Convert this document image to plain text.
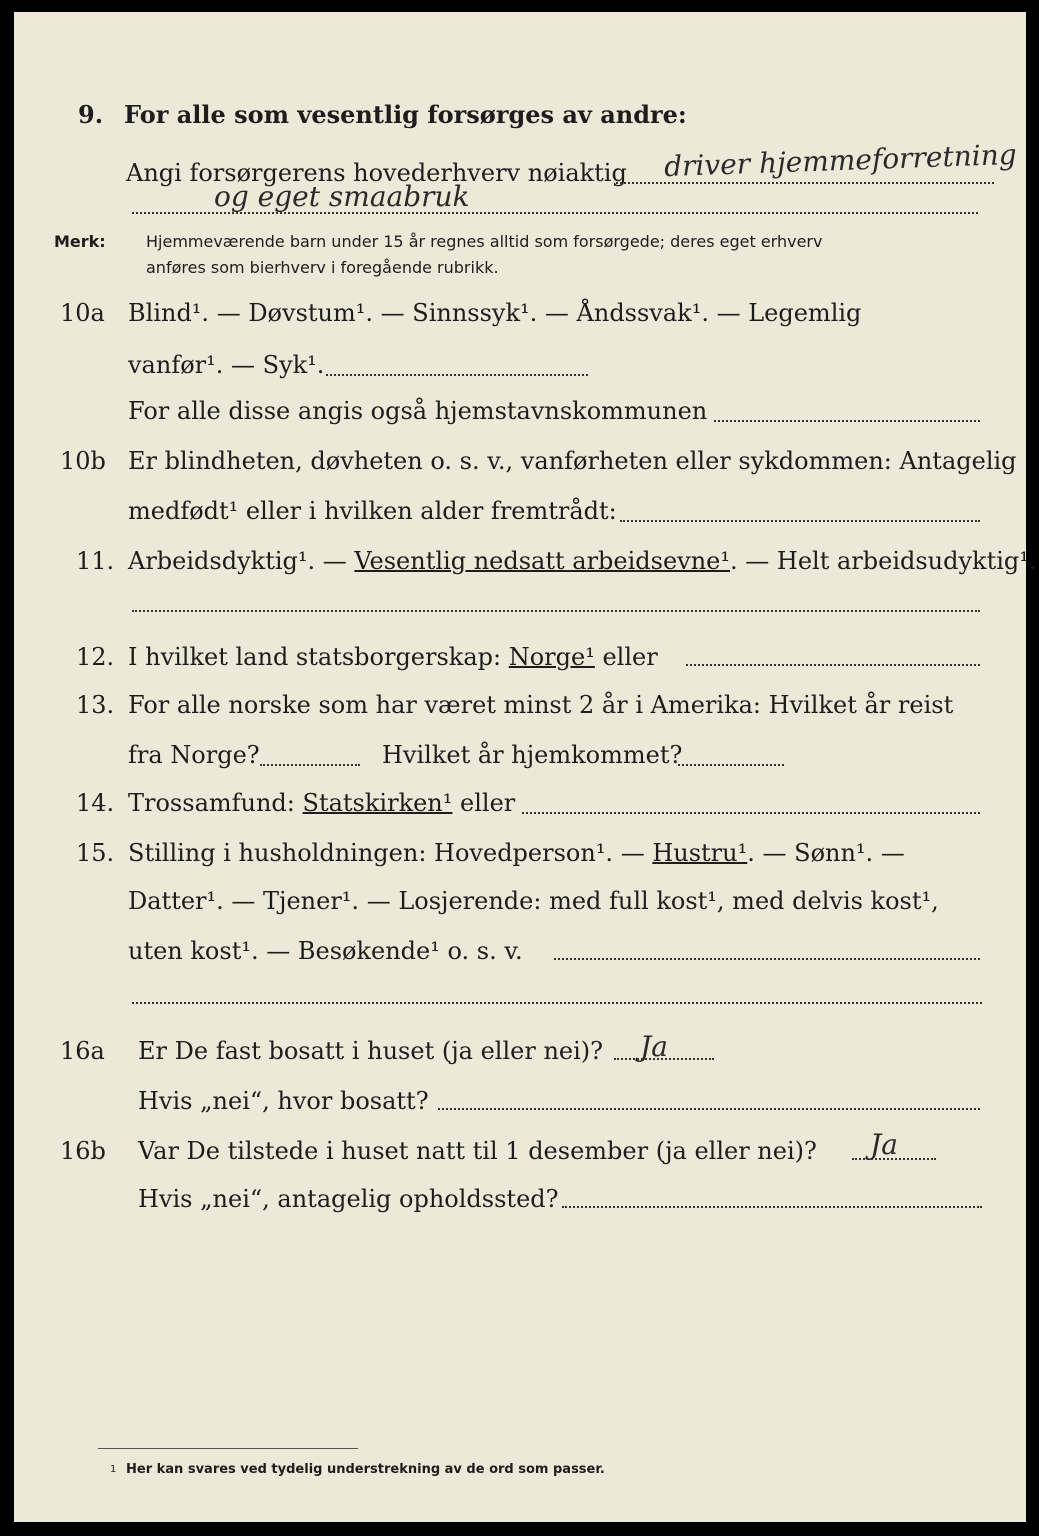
9. For alle som vesentlig forsørges av andre:
Angi forsørgerens hovederhverv nøiaktig driver hjemmeforretning
og eget smaabruk
Merk:	Hjemmeværende barn under 15 år regnes alltid som forsørgede; deres eget erhverv
anføres som bierhverv i foregående rubrikk.
10a Blind¹. — Døvstum¹. — Sinnssyk¹. — Åndssvak¹. — Legemlig
vanfør¹. — Syk¹.
For alle disse angis også hjemstavnskommunen
10b Er blindheten, døvheten o. s. v., vanførheten eller sykdommen: Antagelig
medfødt¹ eller i hvilken alder fremtrådt:
11. Arbeidsdyktig¹. — Vesentlig nedsatt arbeidsevne¹. — Helt arbeidsudyktig¹.
12. I hvilket land statsborgerskap: Norge¹ eller
13. For alle norske som har været minst 2 år i Amerika: Hvilket år reist
fra Norge?	Hvilket år hjemkommet?
14. Trossamfund: Statskirken¹ eller
15. Stilling i husholdningen: Hovedperson¹. — Hustru¹. — Sønn¹. —
Datter¹. — Tjener¹. — Losjerende: med full kost¹, med delvis kost¹,
uten kost¹. — Besøkende¹ o. s. v.
16a Er De fast bosatt i huset (ja eller nei)? Ja
Hvis „nei“, hvor bosatt?
16b Var De tilstede i huset natt til 1 desember (ja eller nei)? Ja
Hvis „nei“, antagelig opholdssted?
1 Her kan svares ved tydelig understrekning av de ord som passer.
